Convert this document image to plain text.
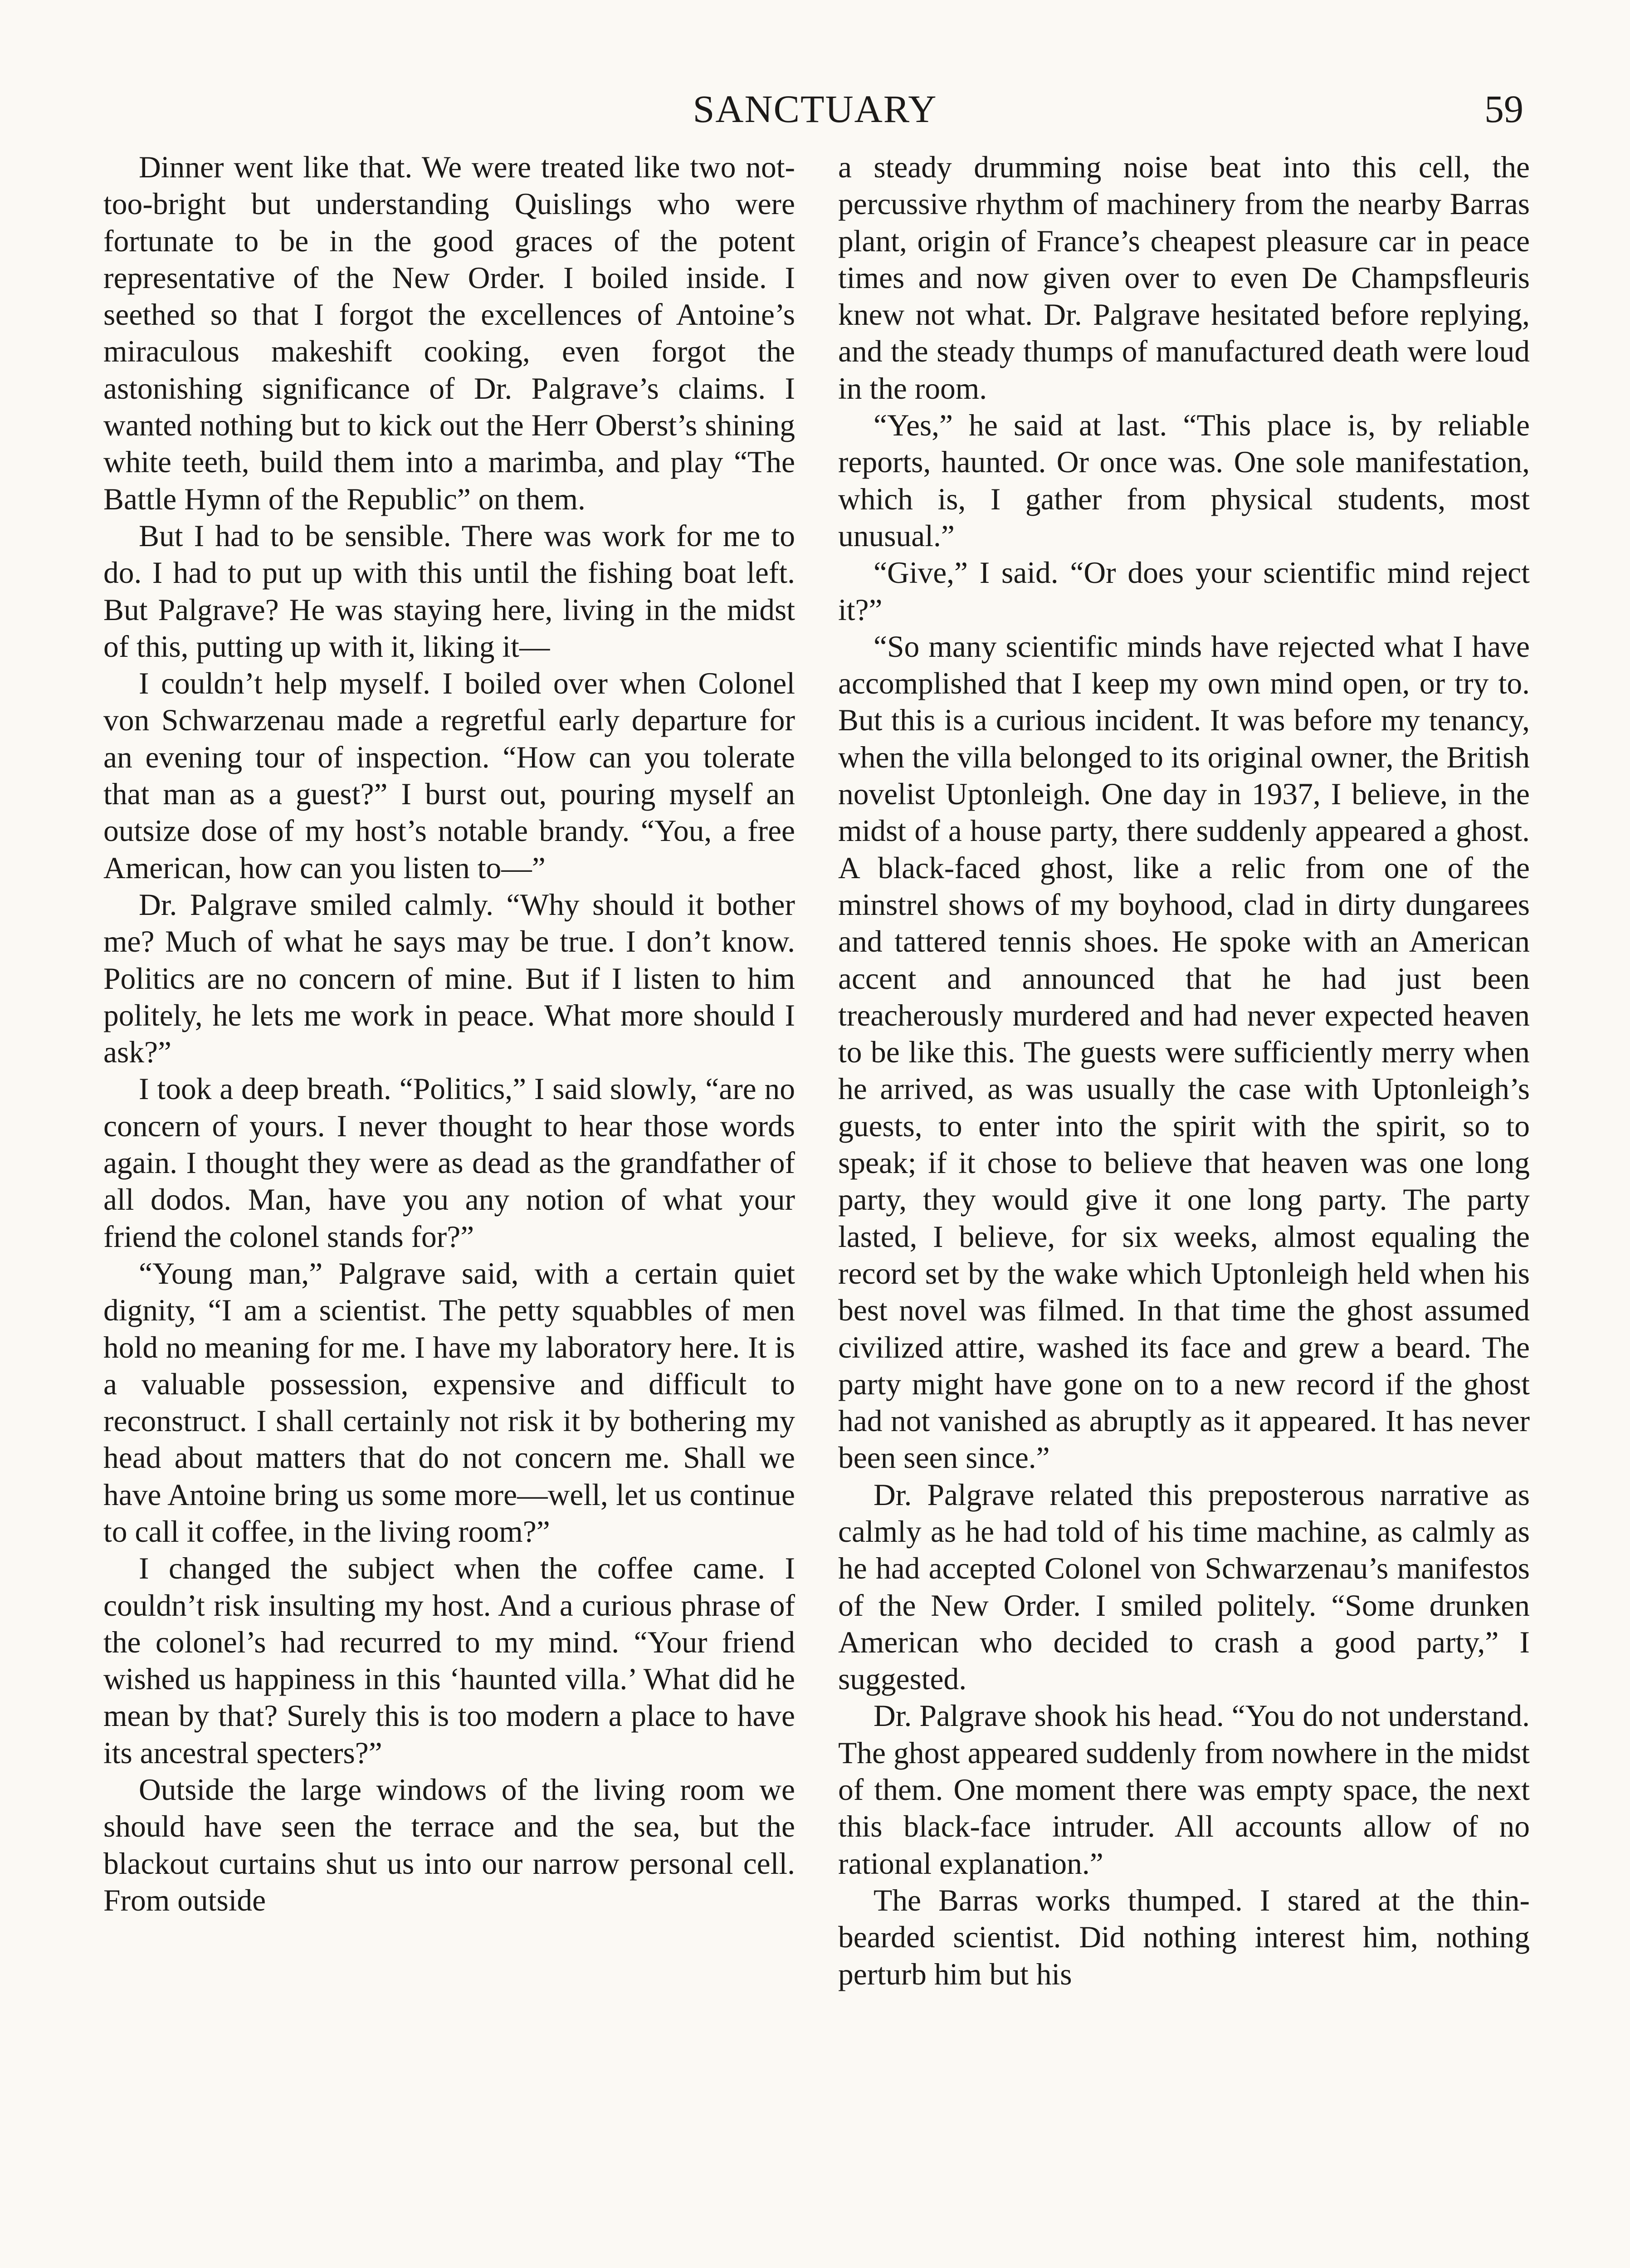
SANCTUARY	59

Dinner went like that. We were treated like two not-too-bright but understanding Quislings who were fortunate to be in the good graces of the potent representative of the New Order. I boiled inside. I seethed so that I forgot the excellences of Antoine’s miraculous makeshift cooking, even forgot the astonishing significance of Dr. Palgrave’s claims. I wanted nothing but to kick out the Herr Oberst’s shining white teeth, build them into a marimba, and play “The Battle Hymn of the Republic” on them.

But I had to be sensible. There was work for me to do. I had to put up with this until the fishing boat left. But Palgrave? He was staying here, living in the midst of this, putting up with it, liking it—

I couldn’t help myself. I boiled over when Colonel von Schwarzenau made a regretful early departure for an evening tour of inspection. “How can you tolerate that man as a guest?” I burst out, pouring myself an outsize dose of my host’s notable brandy. “You, a free American, how can you listen to—”

Dr. Palgrave smiled calmly. “Why should it bother me? Much of what he says may be true. I don’t know. Politics are no concern of mine. But if I listen to him politely, he lets me work in peace. What more should I ask?”

I took a deep breath. “Politics,” I said slowly, “are no concern of yours. I never thought to hear those words again. I thought they were as dead as the grandfather of all dodos. Man, have you any notion of what your friend the colonel stands for?”

“Young man,” Palgrave said, with a certain quiet dignity, “I am a scientist. The petty squabbles of men hold no meaning for me. I have my laboratory here. It is a valuable possession, expensive and difficult to reconstruct. I shall certainly not risk it by bothering my head about matters that do not concern me. Shall we have Antoine bring us some more—well, let us continue to call it coffee, in the living room?”

I changed the subject when the coffee came. I couldn’t risk insulting my host. And a curious phrase of the colonel’s had recurred to my mind. “Your friend wished us happiness in this ‘haunted villa.’ What did he mean by that? Surely this is too modern a place to have its ancestral specters?”

Outside the large windows of the living room we should have seen the terrace and the sea, but the blackout curtains shut us into our narrow personal cell. From outside

a steady drumming noise beat into this cell, the percussive rhythm of machinery from the nearby Barras plant, origin of France’s cheapest pleasure car in peace times and now given over to even De Champsfleuris knew not what. Dr. Palgrave hesitated before replying, and the steady thumps of manufactured death were loud in the room.

“Yes,” he said at last. “This place is, by reliable reports, haunted. Or once was. One sole manifestation, which is, I gather from physical students, most unusual.”

“Give,” I said. “Or does your scientific mind reject it?”

“So many scientific minds have rejected what I have accomplished that I keep my own mind open, or try to. But this is a curious incident. It was before my tenancy, when the villa belonged to its original owner, the British novelist Uptonleigh. One day in 1937, I believe, in the midst of a house party, there suddenly appeared a ghost. A black-faced ghost, like a relic from one of the minstrel shows of my boyhood, clad in dirty dungarees and tattered tennis shoes. He spoke with an American accent and announced that he had just been treacherously murdered and had never expected heaven to be like this. The guests were sufficiently merry when he arrived, as was usually the case with Uptonleigh’s guests, to enter into the spirit with the spirit, so to speak; if it chose to believe that heaven was one long party, they would give it one long party. The party lasted, I believe, for six weeks, almost equaling the record set by the wake which Uptonleigh held when his best novel was filmed. In that time the ghost assumed civilized attire, washed its face and grew a beard. The party might have gone on to a new record if the ghost had not vanished as abruptly as it appeared. It has never been seen since.”

Dr. Palgrave related this preposterous narrative as calmly as he had told of his time machine, as calmly as he had accepted Colonel von Schwarzenau’s manifestos of the New Order. I smiled politely. “Some drunken American who decided to crash a good party,” I suggested.

Dr. Palgrave shook his head. “You do not understand. The ghost appeared suddenly from nowhere in the midst of them. One moment there was empty space, the next this black-face intruder. All accounts allow of no rational explanation.”

The Barras works thumped. I stared at the thin-bearded scientist. Did nothing interest him, nothing perturb him but his
